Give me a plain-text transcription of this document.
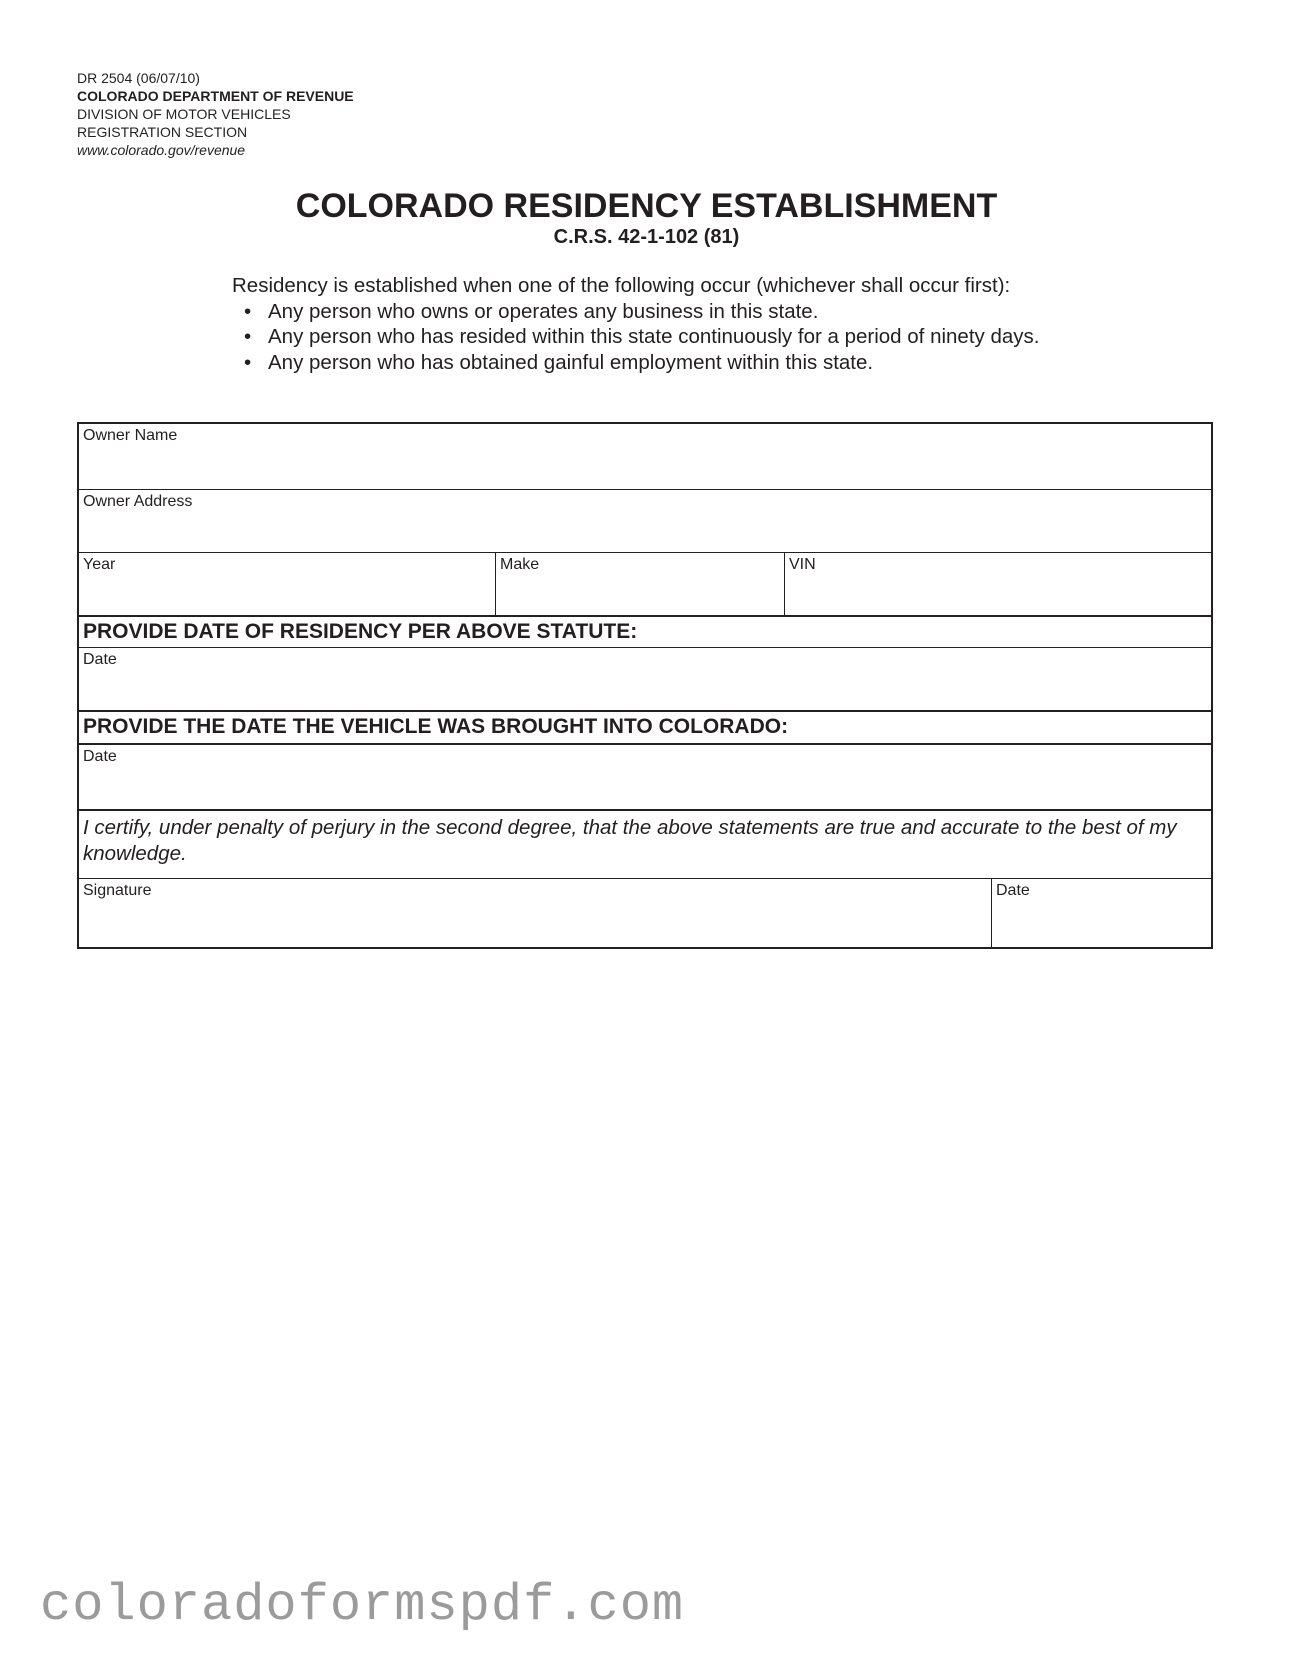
DR 2504 (06/07/10)
COLORADO DEPARTMENT OF REVENUE
DIVISION OF MOTOR VEHICLES
REGISTRATION SECTION
www.colorado.gov/revenue
COLORADO RESIDENCY ESTABLISHMENT
C.R.S. 42-1-102 (81)
Residency is established when one of the following occur (whichever shall occur first):
• Any person who owns or operates any business in this state.
• Any person who has resided within this state continuously for a period of ninety days.
• Any person who has obtained gainful employment within this state.
Owner Name
Owner Address
Year	Make	VIN
PROVIDE DATE OF RESIDENCY PER ABOVE STATUTE:
Date
PROVIDE THE DATE THE VEHICLE WAS BROUGHT INTO COLORADO:
Date
I certify, under penalty of perjury in the second degree, that the above statements are true and accurate to the best of my knowledge.
Signature	Date
coloradoformspdf.com
